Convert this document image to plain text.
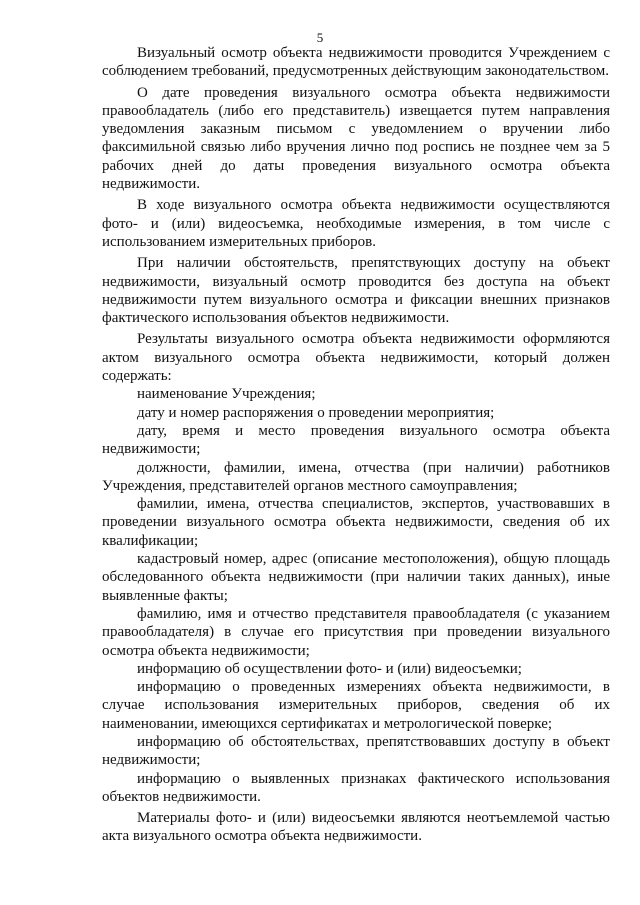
5

Визуальный осмотр объекта недвижимости проводится Учреждением с соблюдением требований, предусмотренных действующим законодательством.

О дате проведения визуального осмотра объекта недвижимости правообладатель (либо его представитель) извещается путем направления уведомления заказным письмом с уведомлением о вручении либо факсимильной связью либо вручения лично под роспись не позднее чем за 5 рабочих дней до даты проведения визуального осмотра объекта недвижимости.

В ходе визуального осмотра объекта недвижимости осуществляются фото- и (или) видеосъемка, необходимые измерения, в том числе с использованием измерительных приборов.

При наличии обстоятельств, препятствующих доступу на объект недвижимости, визуальный осмотр проводится без доступа на объект недвижимости путем визуального осмотра и фиксации внешних признаков фактического использования объектов недвижимости.

Результаты визуального осмотра объекта недвижимости оформляются актом визуального осмотра объекта недвижимости, который должен содержать:

наименование Учреждения;

дату и номер распоряжения о проведении мероприятия;

дату, время и место проведения визуального осмотра объекта недвижимости;

должности, фамилии, имена, отчества (при наличии) работников Учреждения, представителей органов местного самоуправления;

фамилии, имена, отчества специалистов, экспертов, участвовавших в проведении визуального осмотра объекта недвижимости, сведения об их квалификации;

кадастровый номер, адрес (описание местоположения), общую площадь обследованного объекта недвижимости (при наличии таких данных), иные выявленные факты;

фамилию, имя и отчество представителя правообладателя (с указанием правообладателя) в случае его присутствия при проведении визуального осмотра объекта недвижимости;

информацию об осуществлении фото- и (или) видеосъемки;

информацию о проведенных измерениях объекта недвижимости, в случае использования измерительных приборов, сведения об их наименовании, имеющихся сертификатах и метрологической поверке;

информацию об обстоятельствах, препятствовавших доступу в объект недвижимости;

информацию о выявленных признаках фактического использования объектов недвижимости.

Материалы фото- и (или) видеосъемки являются неотъемлемой частью акта визуального осмотра объекта недвижимости.
